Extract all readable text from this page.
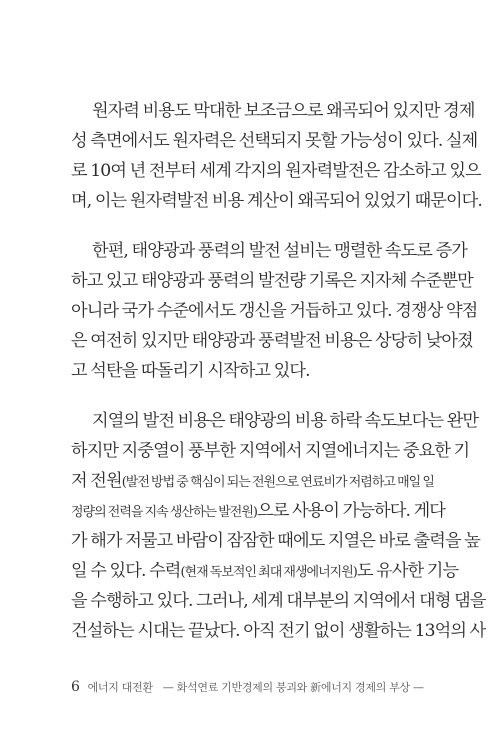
원자력 비용도 막대한 보조금으로 왜곡되어 있지만 경제
성 측면에서도 원자력은 선택되지 못할 가능성이 있다. 실제
로 10여 년 전부터 세계 각지의 원자력발전은 감소하고 있으
며, 이는 원자력발전 비용 계산이 왜곡되어 있었기 때문이다.
한편, 태양광과 풍력의 발전 설비는 맹렬한 속도로 증가
하고 있고 태양광과 풍력의 발전량 기록은 지자체 수준뿐만
아니라 국가 수준에서도 갱신을 거듭하고 있다. 경쟁상 약점
은 여전히 있지만 태양광과 풍력발전 비용은 상당히 낮아졌
고 석탄을 따돌리기 시작하고 있다.
지열의 발전 비용은 태양광의 비용 하락 속도보다는 완만
하지만 지중열이 풍부한 지역에서 지열에너지는 중요한 기
저 전원(발전 방법 중 핵심이 되는 전원으로 연료비가 저렴하고 매일 일
정량의 전력을 지속 생산하는 발전원)으로 사용이 가능하다. 게다
가 해가 저물고 바람이 잠잠한 때에도 지열은 바로 출력을 높
일 수 있다. 수력(현재 독보적인 최대 재생에너지원)도 유사한 기능
을 수행하고 있다. 그러나, 세계 대부분의 지역에서 대형 댐을
건설하는 시대는 끝났다. 아직 전기 없이 생활하는 13억의 사
6 에너지 대전환 — 화석연료 기반경제의 붕괴와 新에너지 경제의 부상 —
